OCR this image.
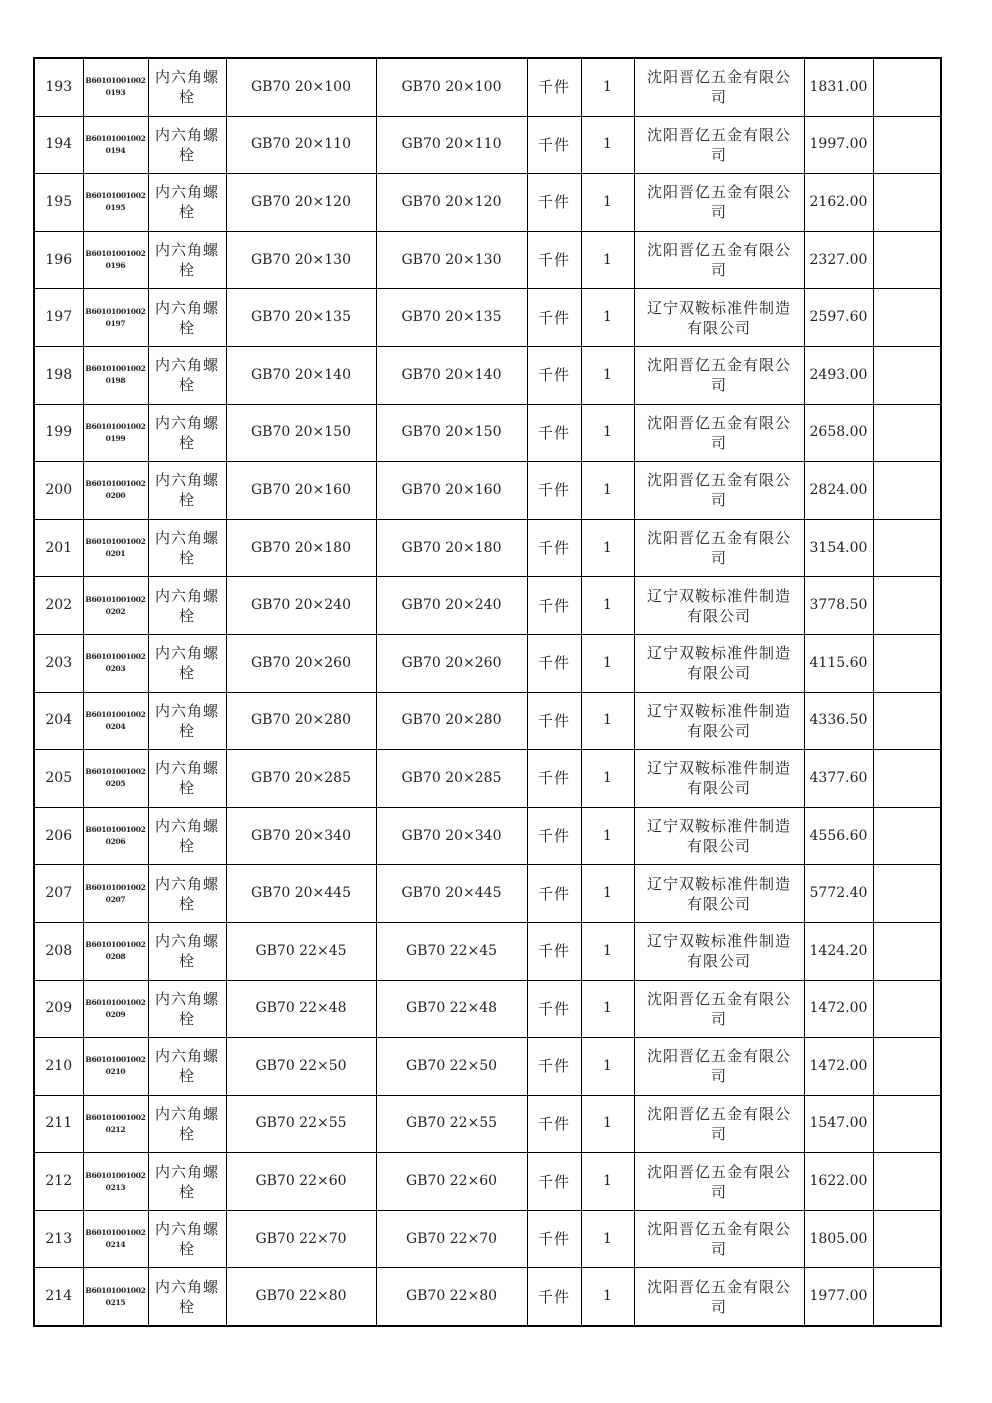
193	B601010010020193	内六角螺栓	GB70 20×100	GB70 20×100	千件	1	沈阳晋亿五金有限公司	1831.00	
194	B601010010020194	内六角螺栓	GB70 20×110	GB70 20×110	千件	1	沈阳晋亿五金有限公司	1997.00	
195	B601010010020195	内六角螺栓	GB70 20×120	GB70 20×120	千件	1	沈阳晋亿五金有限公司	2162.00	
196	B601010010020196	内六角螺栓	GB70 20×130	GB70 20×130	千件	1	沈阳晋亿五金有限公司	2327.00	
197	B601010010020197	内六角螺栓	GB70 20×135	GB70 20×135	千件	1	辽宁双鞍标准件制造有限公司	2597.60	
198	B601010010020198	内六角螺栓	GB70 20×140	GB70 20×140	千件	1	沈阳晋亿五金有限公司	2493.00	
199	B601010010020199	内六角螺栓	GB70 20×150	GB70 20×150	千件	1	沈阳晋亿五金有限公司	2658.00	
200	B601010010020200	内六角螺栓	GB70 20×160	GB70 20×160	千件	1	沈阳晋亿五金有限公司	2824.00	
201	B601010010020201	内六角螺栓	GB70 20×180	GB70 20×180	千件	1	沈阳晋亿五金有限公司	3154.00	
202	B601010010020202	内六角螺栓	GB70 20×240	GB70 20×240	千件	1	辽宁双鞍标准件制造有限公司	3778.50	
203	B601010010020203	内六角螺栓	GB70 20×260	GB70 20×260	千件	1	辽宁双鞍标准件制造有限公司	4115.60	
204	B601010010020204	内六角螺栓	GB70 20×280	GB70 20×280	千件	1	辽宁双鞍标准件制造有限公司	4336.50	
205	B601010010020205	内六角螺栓	GB70 20×285	GB70 20×285	千件	1	辽宁双鞍标准件制造有限公司	4377.60	
206	B601010010020206	内六角螺栓	GB70 20×340	GB70 20×340	千件	1	辽宁双鞍标准件制造有限公司	4556.60	
207	B601010010020207	内六角螺栓	GB70 20×445	GB70 20×445	千件	1	辽宁双鞍标准件制造有限公司	5772.40	
208	B601010010020208	内六角螺栓	GB70 22×45	GB70 22×45	千件	1	辽宁双鞍标准件制造有限公司	1424.20	
209	B601010010020209	内六角螺栓	GB70 22×48	GB70 22×48	千件	1	沈阳晋亿五金有限公司	1472.00	
210	B601010010020210	内六角螺栓	GB70 22×50	GB70 22×50	千件	1	沈阳晋亿五金有限公司	1472.00	
211	B601010010020212	内六角螺栓	GB70 22×55	GB70 22×55	千件	1	沈阳晋亿五金有限公司	1547.00	
212	B601010010020213	内六角螺栓	GB70 22×60	GB70 22×60	千件	1	沈阳晋亿五金有限公司	1622.00	
213	B601010010020214	内六角螺栓	GB70 22×70	GB70 22×70	千件	1	沈阳晋亿五金有限公司	1805.00	
214	B601010010020215	内六角螺栓	GB70 22×80	GB70 22×80	千件	1	沈阳晋亿五金有限公司	1977.00	
